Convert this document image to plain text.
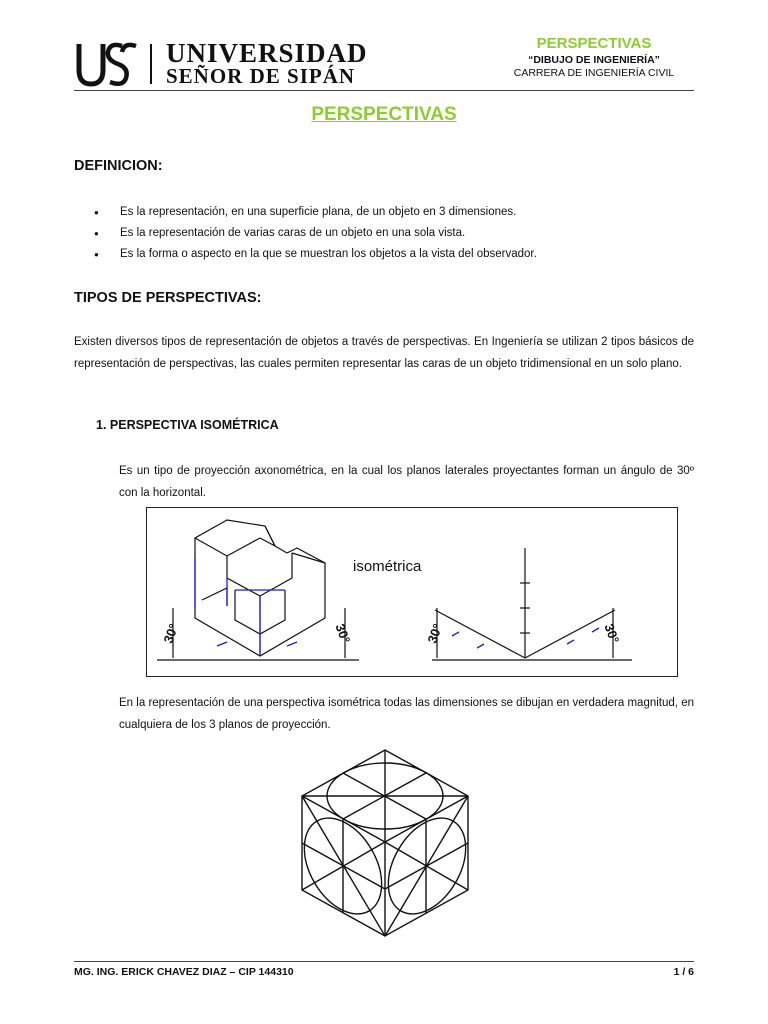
UNIVERSIDAD
SEÑOR DE SIPÁN
PERSPECTIVAS
“DIBUJO DE INGENIERÍA”
CARRERA DE INGENIERÍA CIVIL
PERSPECTIVAS
DEFINICION:
● Es la representación, en una superficie plana, de un objeto en 3 dimensiones.
● Es la representación de varias caras de un objeto en una sola vista.
● Es la forma o aspecto en la que se muestran los objetos a la vista del observador.
TIPOS DE PERSPECTIVAS:
Existen diversos tipos de representación de objetos a través de perspectivas. En Ingeniería se utilizan 2 tipos básicos de representación de perspectivas, las cuales permiten representar las caras de un objeto tridimensional en un solo plano.
1. PERSPECTIVA ISOMÉTRICA
Es un tipo de proyección axonométrica, en la cual los planos laterales proyectantes forman un ángulo de 30º con la horizontal.
isométrica
30°	30°	30°	30°
En la representación de una perspectiva isométrica todas las dimensiones se dibujan en verdadera magnitud, en cualquiera de los 3 planos de proyección.
MG. ING. ERICK CHAVEZ DIAZ – CIP 144310	1 / 6
